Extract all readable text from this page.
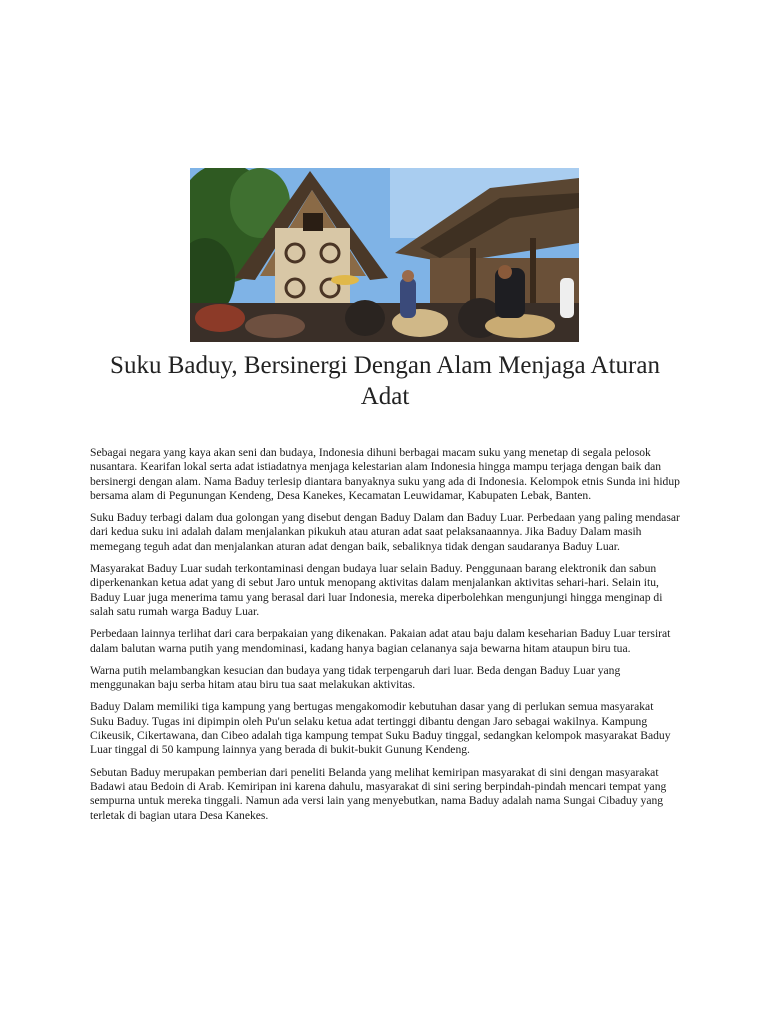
Suku Baduy, Bersinergi Dengan Alam Menjaga Aturan Adat

Sebagai negara yang kaya akan seni dan budaya, Indonesia dihuni berbagai macam suku yang menetap di segala pelosok nusantara. Kearifan lokal serta adat istiadatnya menjaga kelestarian alam Indonesia hingga mampu terjaga dengan baik dan bersinergi dengan alam. Nama Baduy terlesip diantara banyaknya suku yang ada di Indonesia. Kelompok etnis Sunda ini hidup bersama alam di Pegunungan Kendeng, Desa Kanekes, Kecamatan Leuwidamar, Kabupaten Lebak, Banten.

Suku Baduy terbagi dalam dua golongan yang disebut dengan Baduy Dalam dan Baduy Luar. Perbedaan yang paling mendasar dari kedua suku ini adalah dalam menjalankan pikukuh atau aturan adat saat pelaksanaannya. Jika Baduy Dalam masih memegang teguh adat dan menjalankan aturan adat dengan baik, sebaliknya tidak dengan saudaranya Baduy Luar.

Masyarakat Baduy Luar sudah terkontaminasi dengan budaya luar selain Baduy. Penggunaan barang elektronik dan sabun diperkenankan ketua adat yang di sebut Jaro untuk menopang aktivitas dalam menjalankan aktivitas sehari-hari. Selain itu, Baduy Luar juga menerima tamu yang berasal dari luar Indonesia, mereka diperbolehkan mengunjungi hingga menginap di salah satu rumah warga Baduy Luar.

Perbedaan lainnya terlihat dari cara berpakaian yang dikenakan. Pakaian adat atau baju dalam keseharian Baduy Luar tersirat dalam balutan warna putih yang mendominasi, kadang hanya bagian celananya saja bewarna hitam ataupun biru tua.

Warna putih melambangkan kesucian dan budaya yang tidak terpengaruh dari luar. Beda dengan Baduy Luar yang menggunakan baju serba hitam atau biru tua saat melakukan aktivitas.

Baduy Dalam memiliki tiga kampung yang bertugas mengakomodir kebutuhan dasar yang di perlukan semua masyarakat Suku Baduy. Tugas ini dipimpin oleh Pu'un selaku ketua adat tertinggi dibantu dengan Jaro sebagai wakilnya. Kampung Cikeusik, Cikertawana, dan Cibeo adalah tiga kampung tempat Suku Baduy tinggal, sedangkan kelompok masyarakat Baduy Luar tinggal di 50 kampung lainnya yang berada di bukit-bukit Gunung Kendeng.

Sebutan Baduy merupakan pemberian dari peneliti Belanda yang melihat kemiripan masyarakat di sini dengan masyarakat Badawi atau Bedoin di Arab. Kemiripan ini karena dahulu, masyarakat di sini sering berpindah-pindah mencari tempat yang sempurna untuk mereka tinggali. Namun ada versi lain yang menyebutkan, nama Baduy adalah nama Sungai Cibaduy yang terletak di bagian utara Desa Kanekes.
